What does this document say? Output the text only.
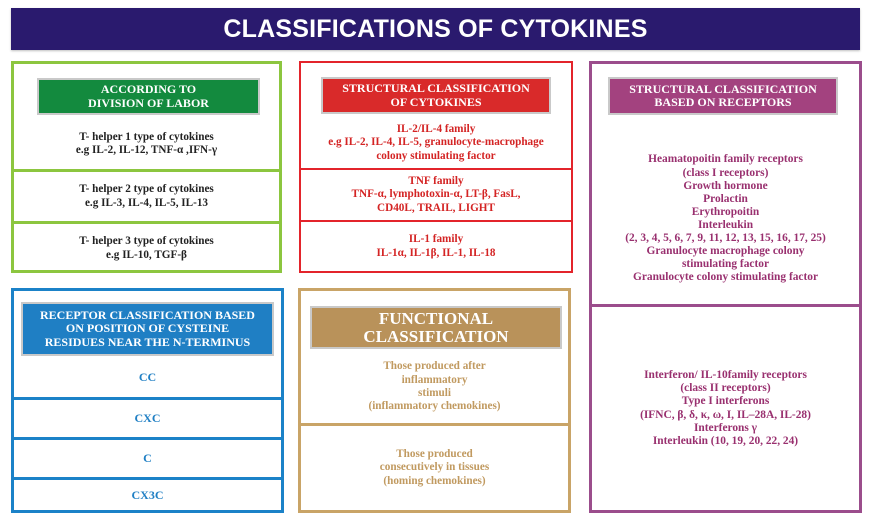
CLASSIFICATIONS OF CYTOKINES
ACCORDING TO
DIVISION OF LABOR
T- helper 1 type of cytokines
e.g IL-2, IL-12, TNF-α ,IFN-γ
T- helper 2 type of cytokines
e.g IL-3, IL-4, IL-5, IL-13
T- helper 3 type of cytokines
e.g IL-10, TGF-β
STRUCTURAL CLASSIFICATION
OF CYTOKINES
IL-2/IL-4 family
e.g IL-2, IL-4, IL-5, granulocyte-macrophage
colony stimulating factor
TNF family
TNF-α, lymphotoxin-α, LT-β, FasL,
CD40L, TRAIL, LIGHT
IL-1 family
IL-1α, IL-1β, IL-1, IL-18
STRUCTURAL CLASSIFICATION
BASED ON RECEPTORS
Heamatopoitin family receptors
(class I receptors)
Growth hormone
Prolactin
Erythropoitin
Interleukin
(2, 3, 4, 5, 6, 7, 9, 11, 12, 13, 15, 16, 17, 25)
Granulocyte macrophage colony
stimulating factor
Granulocyte colony stimulating factor
Interferon/ IL-10family receptors
(class II receptors)
Type I interferons
(IFNC, β, δ, κ, ω, I, IL–28A, IL-28)
Interferons γ
Interleukin (10, 19, 20, 22, 24)
RECEPTOR CLASSIFICATION BASED
ON POSITION OF CYSTEINE
RESIDUES NEAR THE N-TERMINUS
CC
CXC
C
CX3C
FUNCTIONAL
CLASSIFICATION
Those produced after
inflammatory
stimuli
(inflammatory chemokines)
Those produced
consecutively in tissues
(homing chemokines)
